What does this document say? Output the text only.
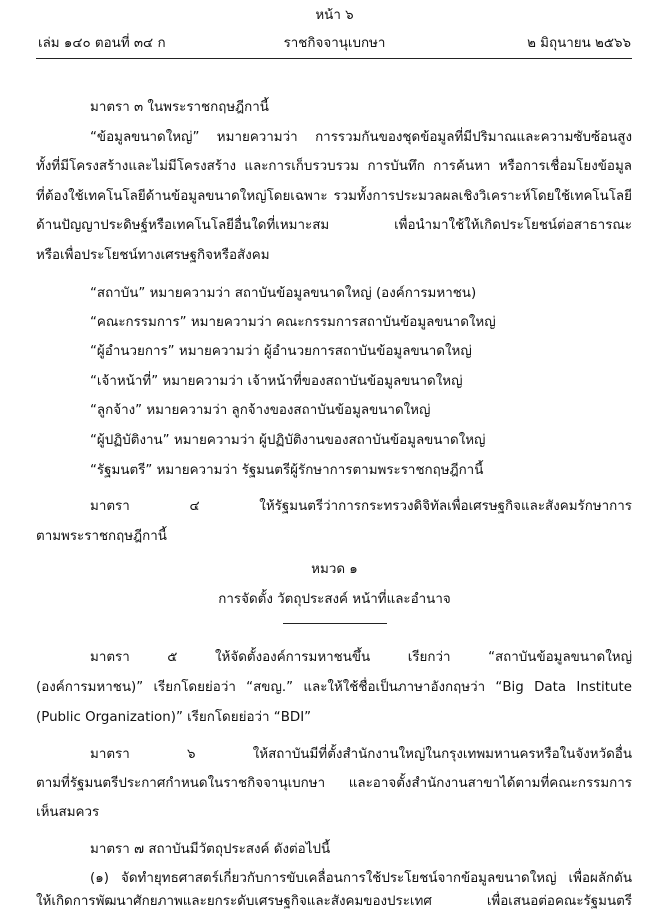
หน้า ๖
เล่ม ๑๔๐ ตอนที่ ๓๔ ก	ราชกิจจานุเบกษา	๒ มิถุนายน ๒๕๖๖
มาตรา ๓ ในพระราชกฤษฎีกานี้
“ข้อมูลขนาดใหญ่” หมายความว่า การรวมกันของชุดข้อมูลที่มีปริมาณและความซับซ้อนสูง
ทั้งที่มีโครงสร้างและไม่มีโครงสร้าง และการเก็บรวบรวม การบันทึก การค้นหา หรือการเชื่อมโยงข้อมูล
ที่ต้องใช้เทคโนโลยีด้านข้อมูลขนาดใหญ่โดยเฉพาะ รวมทั้งการประมวลผลเชิงวิเคราะห์โดยใช้เทคโนโลยี
ด้านปัญญาประดิษฐ์หรือเทคโนโลยีอื่นใดที่เหมาะสม เพื่อนำมาใช้ให้เกิดประโยชน์ต่อสาธารณะ
หรือเพื่อประโยชน์ทางเศรษฐกิจหรือสังคม
“สถาบัน” หมายความว่า สถาบันข้อมูลขนาดใหญ่ (องค์การมหาชน)
“คณะกรรมการ” หมายความว่า คณะกรรมการสถาบันข้อมูลขนาดใหญ่
“ผู้อำนวยการ” หมายความว่า ผู้อำนวยการสถาบันข้อมูลขนาดใหญ่
“เจ้าหน้าที่” หมายความว่า เจ้าหน้าที่ของสถาบันข้อมูลขนาดใหญ่
“ลูกจ้าง” หมายความว่า ลูกจ้างของสถาบันข้อมูลขนาดใหญ่
“ผู้ปฏิบัติงาน” หมายความว่า ผู้ปฏิบัติงานของสถาบันข้อมูลขนาดใหญ่
“รัฐมนตรี” หมายความว่า รัฐมนตรีผู้รักษาการตามพระราชกฤษฎีกานี้
มาตรา ๔ ให้รัฐมนตรีว่าการกระทรวงดิจิทัลเพื่อเศรษฐกิจและสังคมรักษาการ
ตามพระราชกฤษฎีกานี้
หมวด ๑
การจัดตั้ง วัตถุประสงค์ หน้าที่และอำนาจ
มาตรา ๕ ให้จัดตั้งองค์การมหาชนขึ้น เรียกว่า “สถาบันข้อมูลขนาดใหญ่
(องค์การมหาชน)” เรียกโดยย่อว่า “สขญ.” และให้ใช้ชื่อเป็นภาษาอังกฤษว่า “Big Data Institute
(Public Organization)” เรียกโดยย่อว่า “BDI”
มาตรา ๖ ให้สถาบันมีที่ตั้งสำนักงานใหญ่ในกรุงเทพมหานครหรือในจังหวัดอื่น
ตามที่รัฐมนตรีประกาศกำหนดในราชกิจจานุเบกษา และอาจตั้งสำนักงานสาขาได้ตามที่คณะกรรมการ
เห็นสมควร
มาตรา ๗ สถาบันมีวัตถุประสงค์ ดังต่อไปนี้
(๑) จัดทำยุทธศาสตร์เกี่ยวกับการขับเคลื่อนการใช้ประโยชน์จากข้อมูลขนาดใหญ่ เพื่อผลักดัน
ให้เกิดการพัฒนาศักยภาพและยกระดับเศรษฐกิจและสังคมของประเทศ เพื่อเสนอต่อคณะรัฐมนตรี
